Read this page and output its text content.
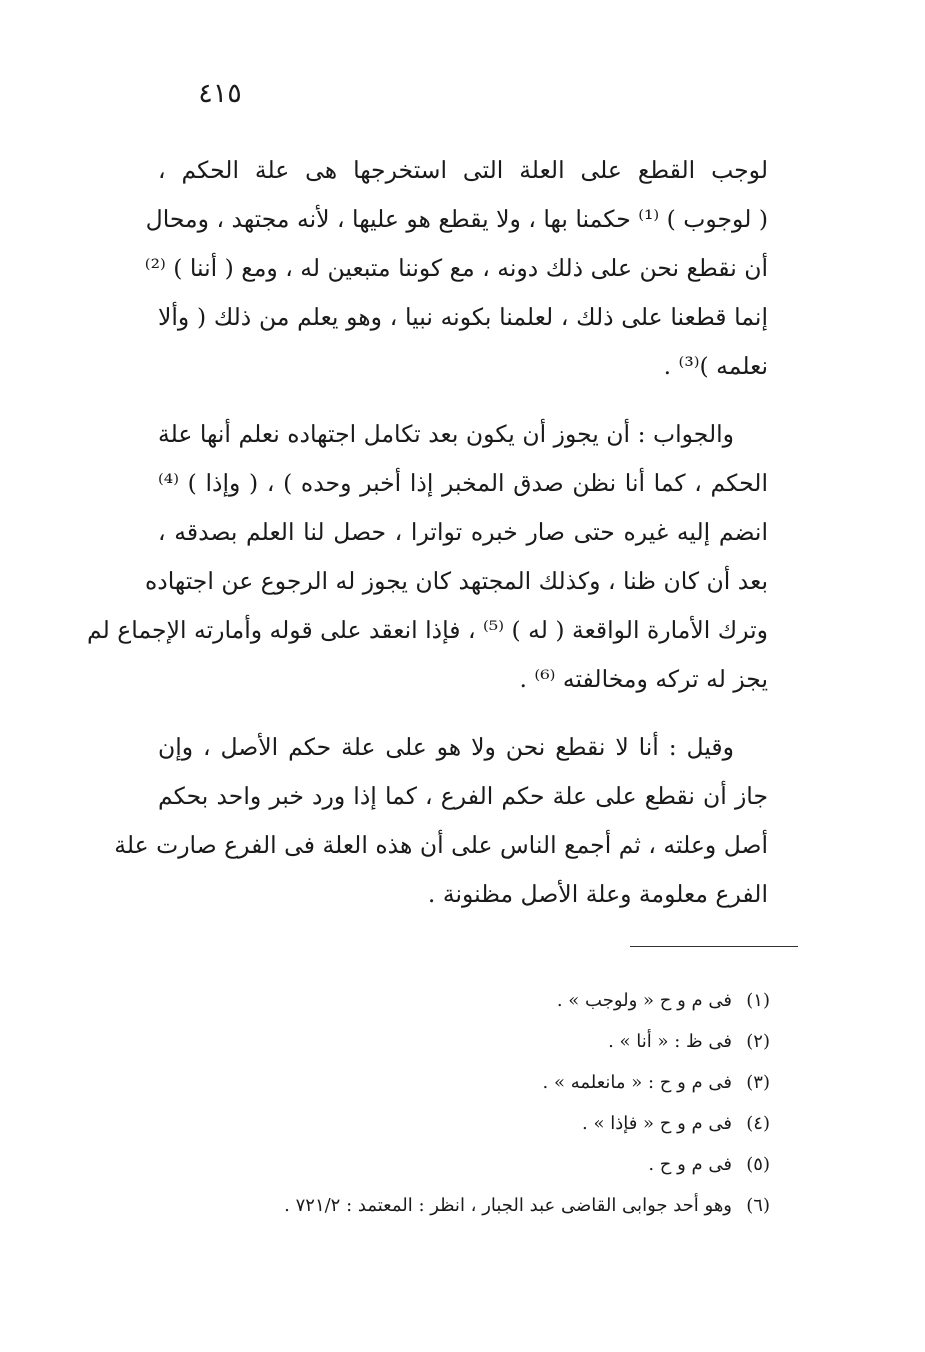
٤١٥

لوجب القطع على العلة التى استخرجها هى علة الحكم ،
( لوجوب ) ⁽¹⁾ حكمنا بها ، ولا يقطع هو عليها ، لأنه مجتهد ، ومحال
أن نقطع نحن على ذلك دونه ، مع كوننا متبعين له ، ومع ( أننا ) ⁽²⁾
إنما قطعنا على ذلك ، لعلمنا بكونه نبيا ، وهو يعلم من ذلك ( وألا
نعلمه )⁽³⁾ .

والجواب : أن يجوز أن يكون بعد تكامل اجتهاده نعلم أنها علة
الحكم ، كما أنا نظن صدق المخبر إذا أخبر وحده ) ، ( وإذا ) ⁽⁴⁾
انضم إليه غيره حتى صار خبره تواترا ، حصل لنا العلم بصدقه ،
بعد أن كان ظنا ، وكذلك المجتهد كان يجوز له الرجوع عن اجتهاده
وترك الأمارة الواقعة ( له ) ⁽⁵⁾ ، فإذا انعقد على قوله وأمارته الإجماع لم
يجز له تركه ومخالفته ⁽⁶⁾ .

وقيل : أنا لا نقطع نحن ولا هو على علة حكم الأصل ، وإن
جاز أن نقطع على علة حكم الفرع ، كما إذا ورد خبر واحد بحكم
أصل وعلته ، ثم أجمع الناس على أن هذه العلة فى الفرع صارت علة
الفرع معلومة وعلة الأصل مظنونة .

(١)فى م و ح « ولوجب » .
(٢)فى ظ : « أنا » .
(٣)فى م و ح : « مانعلمه » .
(٤)فى م و ح « فإذا » .
(٥)فى م و ح .
(٦)وهو أحد جوابى القاضى عبد الجبار ، انظر : المعتمد : ٧٢١/٢ .
